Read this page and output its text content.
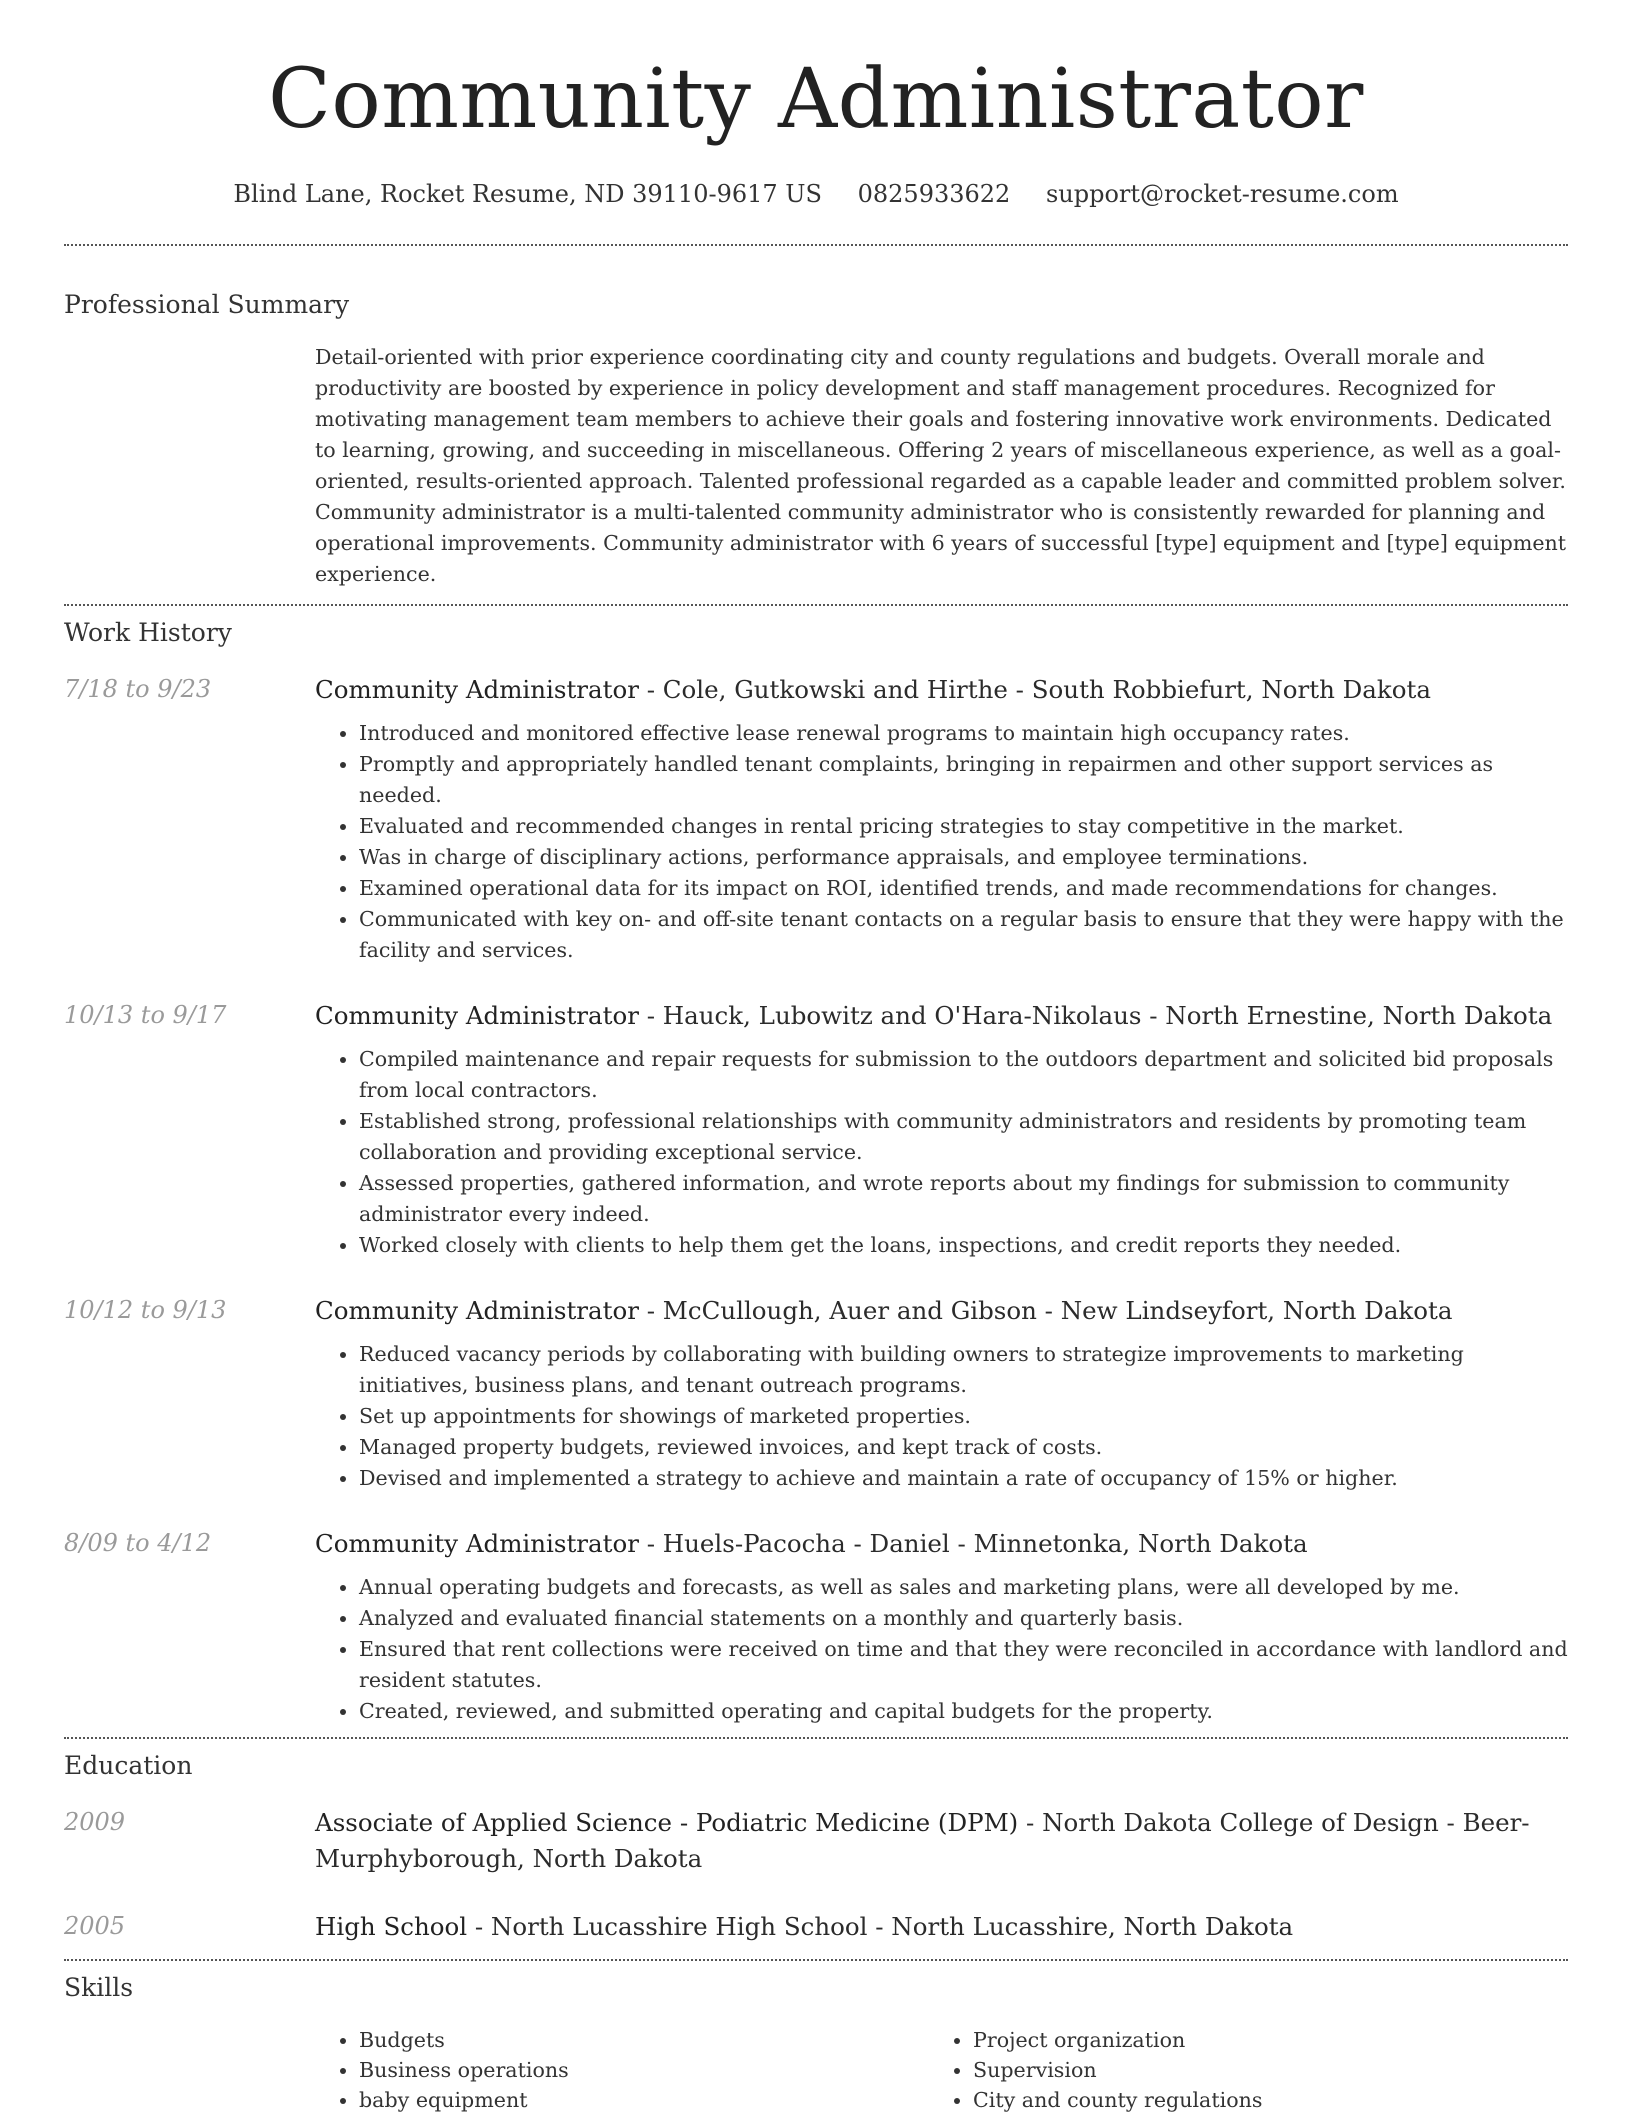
Community Administrator
Blind Lane, Rocket Resume, ND 39110-9617 US 0825933622 support@rocket-resume.com
Professional Summary
Detail-oriented with prior experience coordinating city and county regulations and budgets. Overall morale and productivity are boosted by experience in policy development and staff management procedures. Recognized for motivating management team members to achieve their goals and fostering innovative work environments. Dedicated to learning, growing, and succeeding in miscellaneous. Offering 2 years of miscellaneous experience, as well as a goal-oriented, results-oriented approach. Talented professional regarded as a capable leader and committed problem solver. Community administrator is a multi-talented community administrator who is consistently rewarded for planning and operational improvements. Community administrator with 6 years of successful [type] equipment and [type] equipment experience.
Work History
7/18 to 9/23	Community Administrator - Cole, Gutkowski and Hirthe - South Robbiefurt, North Dakota
• Introduced and monitored effective lease renewal programs to maintain high occupancy rates.
• Promptly and appropriately handled tenant complaints, bringing in repairmen and other support services as needed.
• Evaluated and recommended changes in rental pricing strategies to stay competitive in the market.
• Was in charge of disciplinary actions, performance appraisals, and employee terminations.
• Examined operational data for its impact on ROI, identified trends, and made recommendations for changes.
• Communicated with key on- and off-site tenant contacts on a regular basis to ensure that they were happy with the facility and services.
10/13 to 9/17	Community Administrator - Hauck, Lubowitz and O'Hara-Nikolaus - North Ernestine, North Dakota
• Compiled maintenance and repair requests for submission to the outdoors department and solicited bid proposals from local contractors.
• Established strong, professional relationships with community administrators and residents by promoting team collaboration and providing exceptional service.
• Assessed properties, gathered information, and wrote reports about my findings for submission to community administrator every indeed.
• Worked closely with clients to help them get the loans, inspections, and credit reports they needed.
10/12 to 9/13	Community Administrator - McCullough, Auer and Gibson - New Lindseyfort, North Dakota
• Reduced vacancy periods by collaborating with building owners to strategize improvements to marketing initiatives, business plans, and tenant outreach programs.
• Set up appointments for showings of marketed properties.
• Managed property budgets, reviewed invoices, and kept track of costs.
• Devised and implemented a strategy to achieve and maintain a rate of occupancy of 15% or higher.
8/09 to 4/12	Community Administrator - Huels-Pacocha - Daniel - Minnetonka, North Dakota
• Annual operating budgets and forecasts, as well as sales and marketing plans, were all developed by me.
• Analyzed and evaluated financial statements on a monthly and quarterly basis.
• Ensured that rent collections were received on time and that they were reconciled in accordance with landlord and resident statutes.
• Created, reviewed, and submitted operating and capital budgets for the property.
Education
2009	Associate of Applied Science - Podiatric Medicine (DPM) - North Dakota College of Design - Beer-Murphyborough, North Dakota
2005	High School - North Lucasshire High School - North Lucasshire, North Dakota
Skills
• Budgets
• Business operations
• baby equipment
• Project organization
• Supervision
• City and county regulations
